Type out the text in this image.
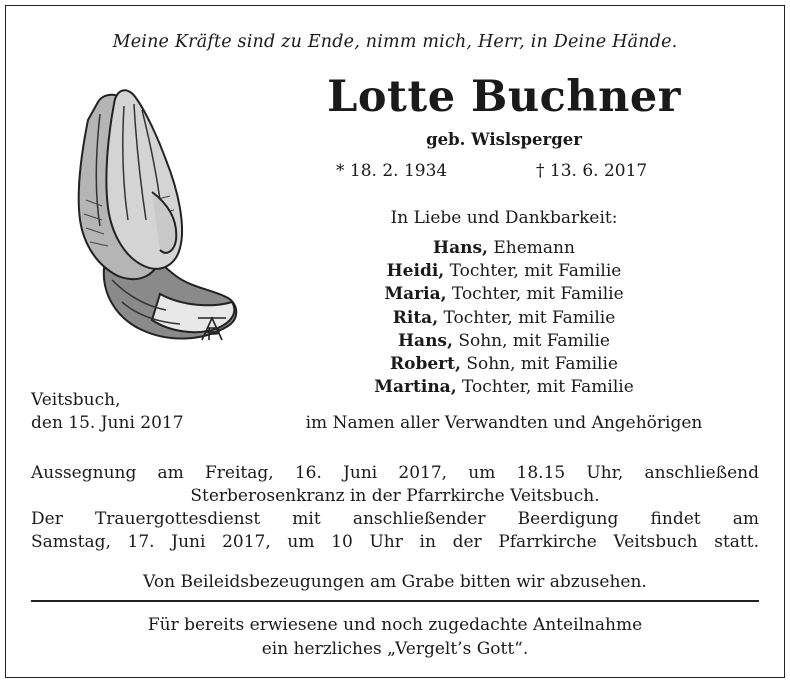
Meine Kräfte sind zu Ende, nimm mich, Herr, in Deine Hände.
Lotte Buchner
geb. Wislsperger
* 18. 2. 1934	† 13. 6. 2017
In Liebe und Dankbarkeit:
Hans, Ehemann
Heidi, Tochter, mit Familie
Maria, Tochter, mit Familie
Rita, Tochter, mit Familie
Hans, Sohn, mit Familie
Robert, Sohn, mit Familie
Martina, Tochter, mit Familie
im Namen aller Verwandten und Angehörigen
Veitsbuch,
den 15. Juni 2017
Aussegnung am Freitag, 16. Juni 2017, um 18.15 Uhr, anschließend
Sterberosenkranz in der Pfarrkirche Veitsbuch.
Der Trauergottesdienst mit anschließender Beerdigung findet am
Samstag, 17. Juni 2017, um 10 Uhr in der Pfarrkirche Veitsbuch statt.
Von Beileidsbezeugungen am Grabe bitten wir abzusehen.
Für bereits erwiesene und noch zugedachte Anteilnahme
ein herzliches „Vergelt’s Gott“.
